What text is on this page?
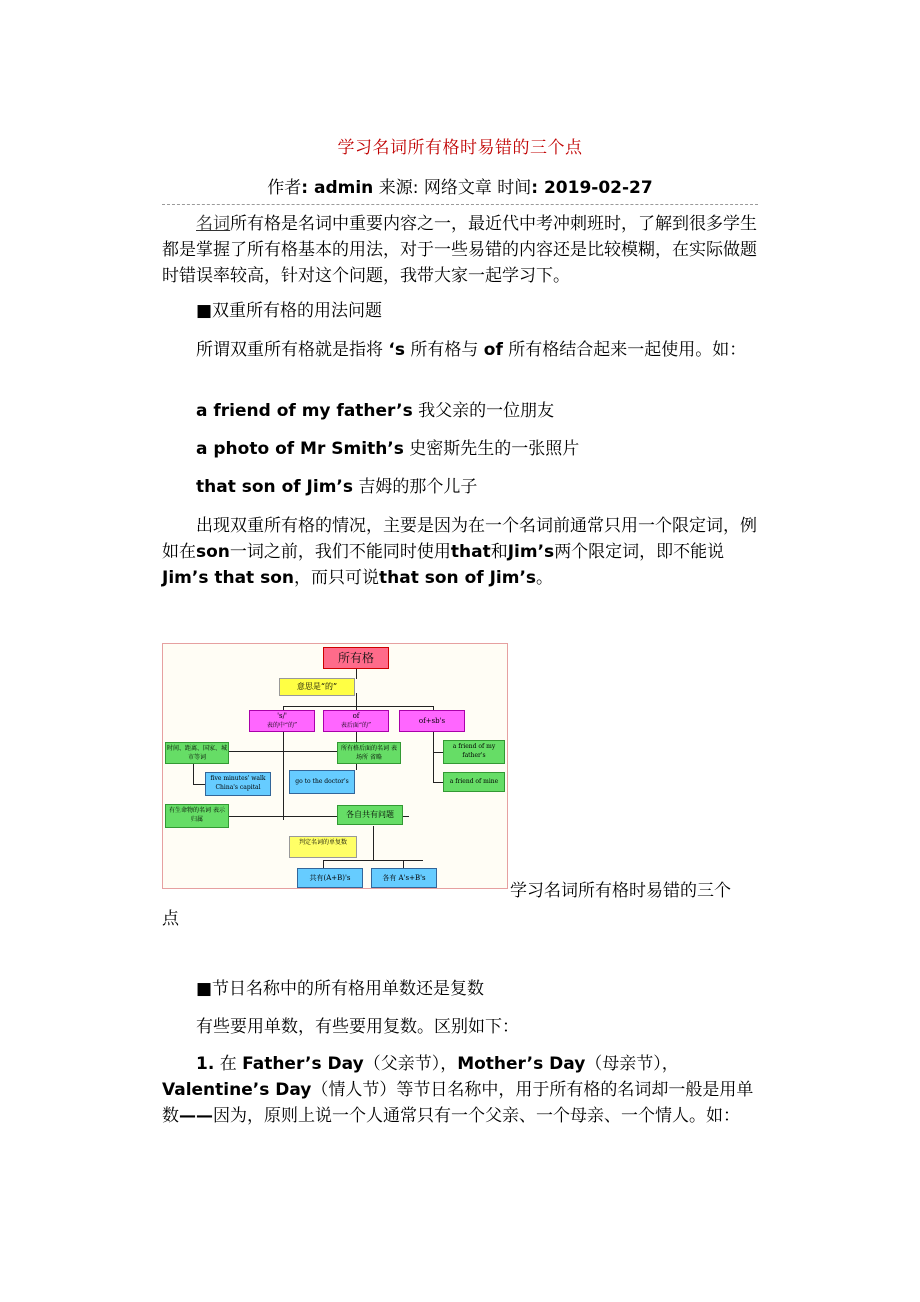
学习名词所有格时易错的三个点
作者: admin 来源: 网络文章 时间: 2019-02-27
名词所有格是名词中重要内容之一，最近代中考冲刺班时，了解到很多学生都是掌握了所有格基本的用法，对于一些易错的内容还是比较模糊，在实际做题时错误率较高，针对这个问题，我带大家一起学习下。
■双重所有格的用法问题
所谓双重所有格就是指将 ‘s 所有格与 of 所有格结合起来一起使用。如：
a friend of my father’s 我父亲的一位朋友
a photo of Mr Smith’s 史密斯先生的一张照片
that son of Jim’s 吉姆的那个儿子
出现双重所有格的情况，主要是因为在一个名词前通常只用一个限定词，例如在son一词之前，我们不能同时使用that和Jim’s两个限定词，即不能说Jim’s that son，而只可说that son of Jim’s。
所有格
意思是“的”
's/'
表的中“的”
of
表后面“的”
of+sb's
时间、距离、国家、城市等词
five minutes' walk China's capital
所有格后面的名词 表场所 省略
go to the doctor's
a friend of my father's
a friend of mine
有生命物的名词 表示归属
各自共有问题
判定名词的单复数
共有(A+B)'s	各有 A's+B's
学习名词所有格时易错的三个
点
■节日名称中的所有格用单数还是复数
有些要用单数，有些要用复数。区别如下：
1. 在 Father’s Day（父亲节），Mother’s Day（母亲节），Valentine’s Day（情人节）等节日名称中，用于所有格的名词却一般是用单数——因为，原则上说一个人通常只有一个父亲、一个母亲、一个情人。如：
